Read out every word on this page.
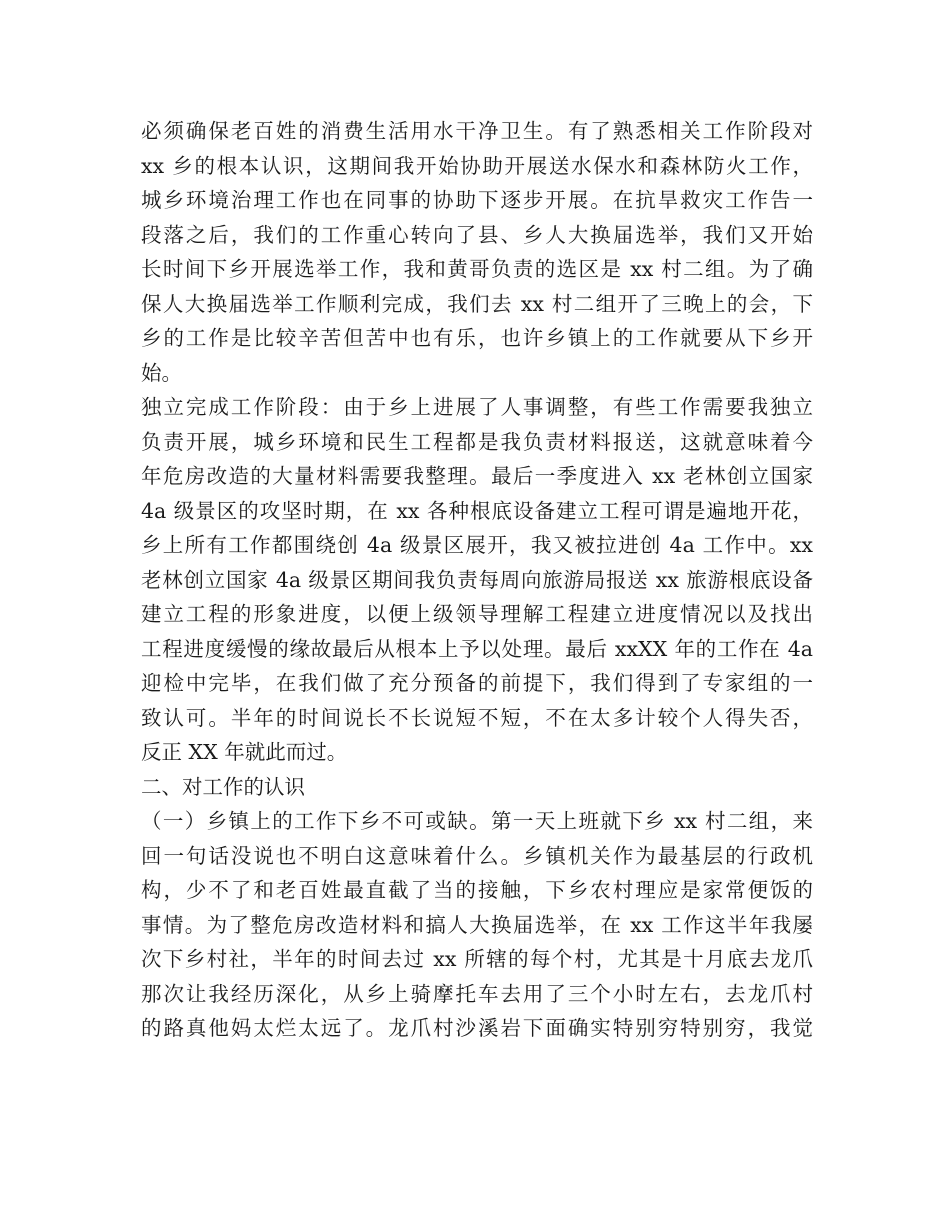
必须确保老百姓的消费生活用水干净卫生。有了熟悉相关工作阶段对
xx 乡的根本认识，这期间我开始协助开展送水保水和森林防火工作，
城乡环境治理工作也在同事的协助下逐步开展。在抗旱救灾工作告一
段落之后，我们的工作重心转向了县、乡人大换届选举，我们又开始
长时间下乡开展选举工作，我和黄哥负责的选区是 xx 村二组。为了确
保人大换届选举工作顺利完成，我们去 xx 村二组开了三晚上的会，下
乡的工作是比较辛苦但苦中也有乐，也许乡镇上的工作就要从下乡开
始。
独立完成工作阶段：由于乡上进展了人事调整，有些工作需要我独立
负责开展，城乡环境和民生工程都是我负责材料报送，这就意味着今
年危房改造的大量材料需要我整理。最后一季度进入 xx 老林创立国家
4a 级景区的攻坚时期，在 xx 各种根底设备建立工程可谓是遍地开花，
乡上所有工作都围绕创 4a 级景区展开，我又被拉进创 4a 工作中。xx
老林创立国家 4a 级景区期间我负责每周向旅游局报送 xx 旅游根底设备
建立工程的形象进度，以便上级领导理解工程建立进度情况以及找出
工程进度缓慢的缘故最后从根本上予以处理。最后 xxXX 年的工作在 4a
迎检中完毕，在我们做了充分预备的前提下，我们得到了专家组的一
致认可。半年的时间说长不长说短不短，不在太多计较个人得失否，
反正 XX 年就此而过。
二、对工作的认识
（一）乡镇上的工作下乡不可或缺。第一天上班就下乡 xx 村二组，来
回一句话没说也不明白这意味着什么。乡镇机关作为最基层的行政机
构，少不了和老百姓最直截了当的接触，下乡农村理应是家常便饭的
事情。为了整危房改造材料和搞人大换届选举，在 xx 工作这半年我屡
次下乡村社，半年的时间去过 xx 所辖的每个村，尤其是十月底去龙爪
那次让我经历深化，从乡上骑摩托车去用了三个小时左右，去龙爪村
的路真他妈太烂太远了。龙爪村沙溪岩下面确实特别穷特别穷，我觉
